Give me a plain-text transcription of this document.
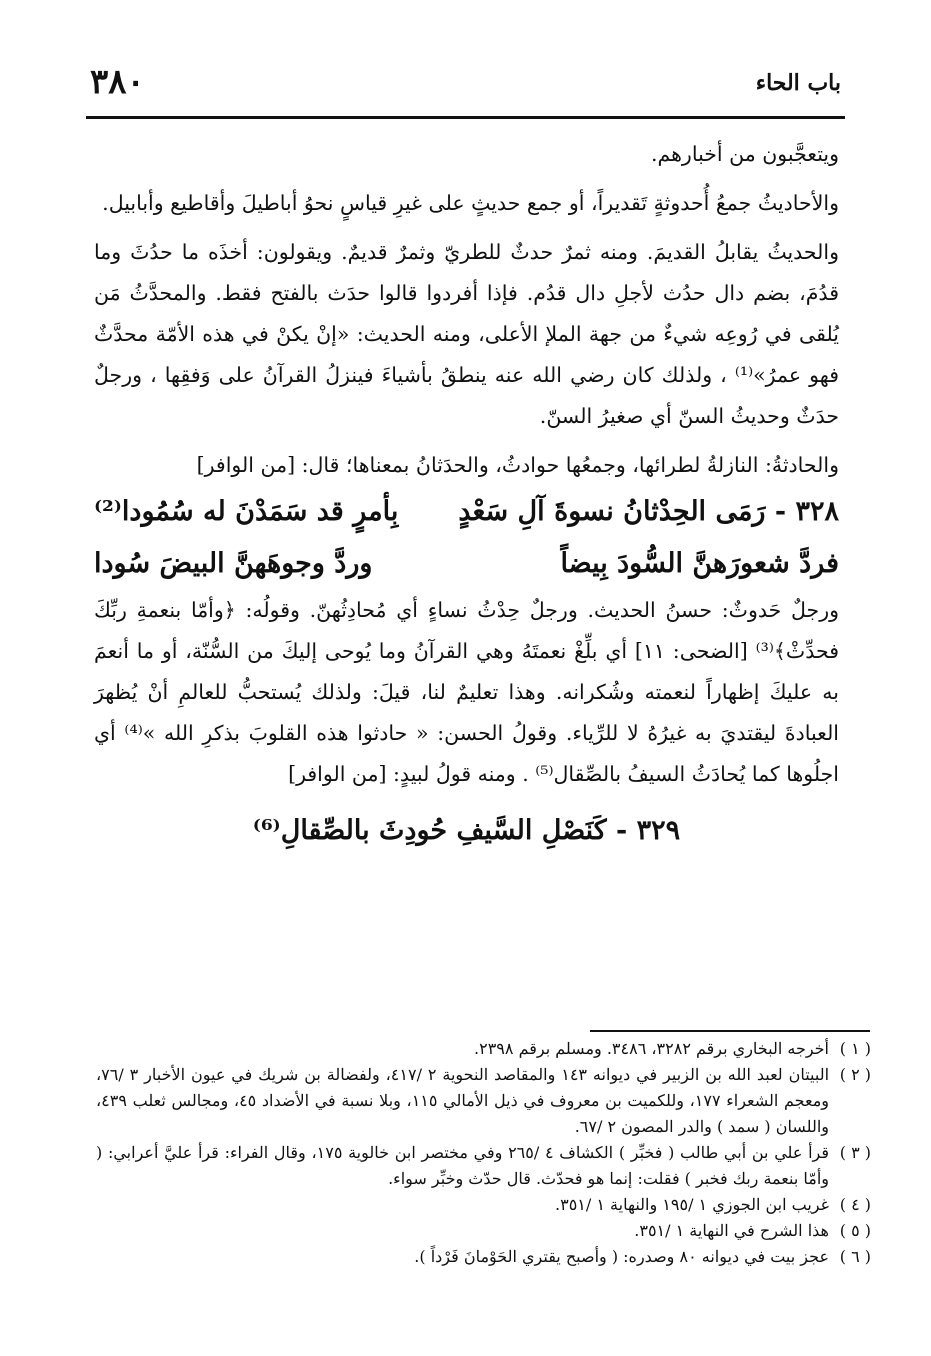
٣٨٠	باب الحاء

ويتعجَّبون من أخبارهم.

والأحاديثُ جمعُ أُحدوثةٍ تَقديراً، أو جمع حديثٍ على غيرِ قياسٍ نحوُ أباطيلَ وأقاطيع وأبابيل.

والحديثُ يقابلُ القديمَ. ومنه ثمرٌ حدثٌ للطريّ وثمرٌ قديمٌ. ويقولون: أخذَه ما حدُثَ وما قدُمَ، بضم دال حدُث لأجلِ دال قدُم. فإذا أفردوا قالوا حدَث بالفتح فقط. والمحدَّثُ مَن يُلقى في رُوعِه شيءٌ من جهة الملإ الأعلى، ومنه الحديث: «إنْ يكنْ في هذه الأمّة محدَّثٌ فهو عمرُ»⁽¹⁾ ، ولذلك كان رضي الله عنه ينطقُ بأشياءَ فينزلُ القرآنُ على وَفقِها ، ورجلٌ حدَثٌ وحديثُ السنّ أي صغيرُ السنّ.

والحادثةُ: النازلةُ لطرائها، وجمعُها حوادثُ، والحدَثانُ بمعناها؛ قال: [من الوافر]

٣٢٨ - رَمَى الحِدْثانُ نسوةَ آلِ سَعْدٍ
بِأمرٍ قد سَمَدْنَ له سُمُودا⁽²⁾
فردَّ شعورَهنَّ السُّودَ بِيضاً
وردَّ وجوهَهنَّ البيضَ سُودا

ورجلٌ حَدوثٌ: حسنُ الحديث. ورجلٌ حِدْثُ نساءٍ أي مُحادِثُهنّ. وقولُه: ﴿وأمّا بنعمةِ ربِّكَ فحدِّثْ﴾⁽³⁾ [الضحى: ١١] أي بلِّغْ نعمتَهُ وهي القرآنُ وما يُوحى إليكَ من السُّنّة، أو ما أنعمَ به عليكَ إظهاراً لنعمته وشُكرانه. وهذا تعليمٌ لنا، قيلَ: ولذلك يُستحبُّ للعالمِ أنْ يُظهرَ العبادةَ ليقتديَ به غيرُهُ لا للرِّياء. وقولُ الحسن: « حادثوا هذه القلوبَ بذكرِ الله »⁽⁴⁾ أي اجلُوها كما يُحادَثُ السيفُ بالصِّقال⁽⁵⁾ . ومنه قولُ لبيدٍ: [من الوافر]

٣٢٩ - كَنَصْلِ السَّيفِ حُودِثَ بالصِّقالِ⁽⁶⁾
( ١ )
أخرجه البخاري برقم ٣٢٨٢، ٣٤٨٦. ومسلم برقم ٢٣٩٨.
( ٢ )
البيتان لعبد الله بن الزبير في ديوانه ١٤٣ والمقاصد النحوية ٢ /٤١٧، ولفضالة بن شريك في عيون الأخبار ٣ /٧٦، ومعجم الشعراء ١٧٧، وللكميت بن معروف في ذيل الأمالي ١١٥، وبلا نسبة في الأضداد ٤٥، ومجالس ثعلب ٤٣٩، واللسان ( سمد ) والدر المصون ٢ /٦٧.
( ٣ )
قرأ علي بن أبي طالب ( فخبِّر ) الكشاف ٤ /٢٦٥ وفي مختصر ابن خالوية ١٧٥، وقال الفراء: قرأ عليَّ أعرابي: ( وأمّا بنعمة ربك فخبر ) فقلت: إنما هو فحدّث. قال حدّث وخبِّر سواء.
( ٤ )
غريب ابن الجوزي ١ /١٩٥ والنهاية ١ /٣٥١.
( ٥ )
هذا الشرح في النهاية ١ /٣٥١.
( ٦ )
عجز بيت في ديوانه ٨٠ وصدره: ( وأصبح يقتري الحَوْمانَ فَرْداً ).
